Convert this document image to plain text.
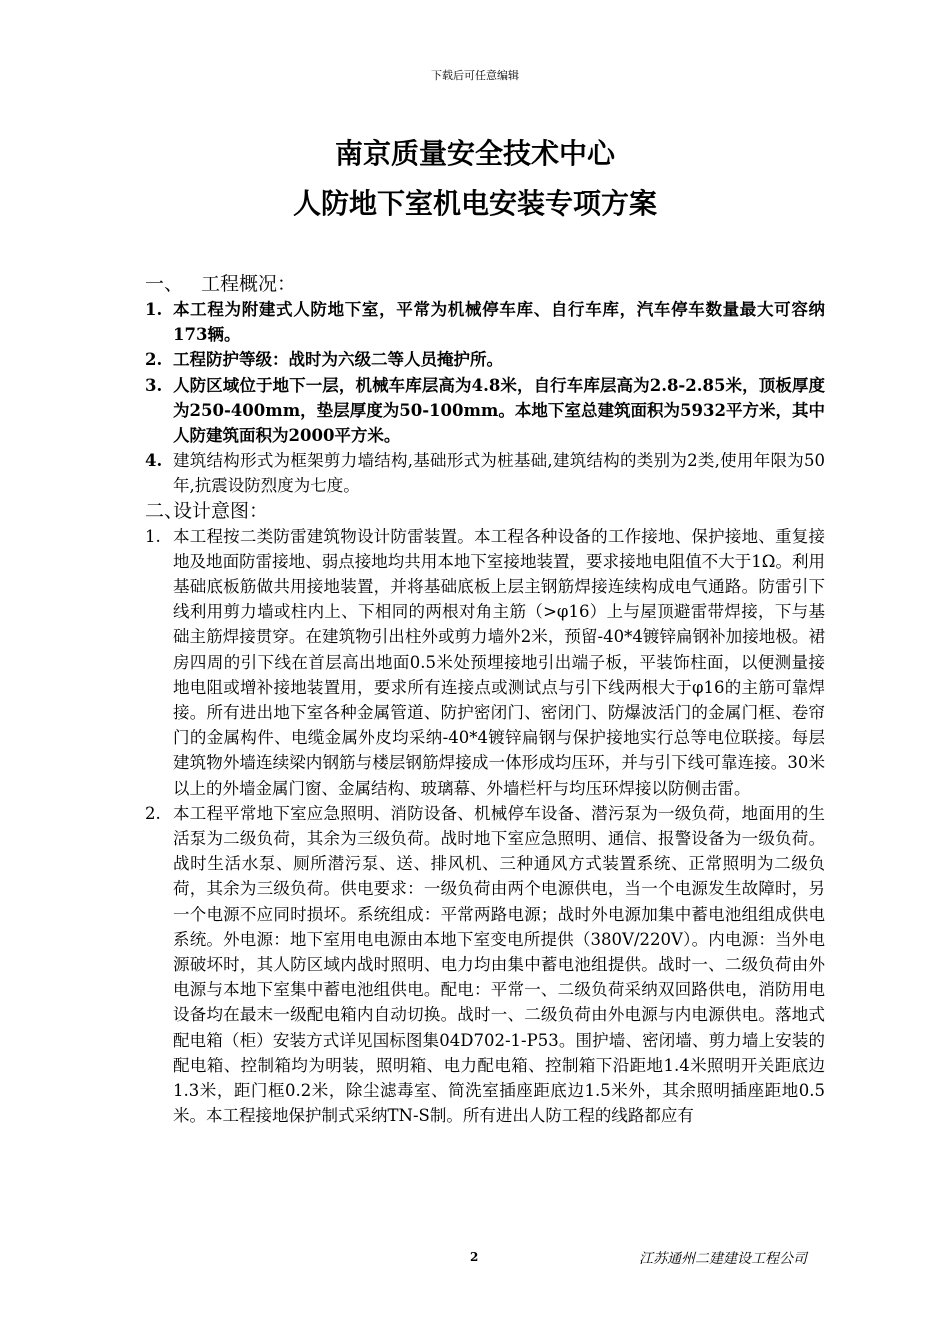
下载后可任意编辑
南京质量安全技术中心
人防地下室机电安装专项方案
一、 工程概况：
1. 本工程为附建式人防地下室，平常为机械停车库、自行车库，汽车停车数量最大可容纳173辆。
2. 工程防护等级：战时为六级二等人员掩护所。
3. 人防区域位于地下一层，机械车库层高为4.8米，自行车库层高为2.8-2.85米，顶板厚度为250-400mm，垫层厚度为50-100mm。本地下室总建筑面积为5932平方米，其中人防建筑面积为2000平方米。
4. 建筑结构形式为框架剪力墙结构,基础形式为桩基础,建筑结构的类别为2类,使用年限为50年,抗震设防烈度为七度。
二、设计意图：
1. 本工程按二类防雷建筑物设计防雷装置。本工程各种设备的工作接地、保护接地、重复接地及地面防雷接地、弱点接地均共用本地下室接地装置，要求接地电阻值不大于1Ω。利用基础底板筋做共用接地装置，并将基础底板上层主钢筋焊接连续构成电气通路。防雷引下线利用剪力墙或柱内上、下相同的两根对角主筋（>φ16）上与屋顶避雷带焊接，下与基础主筋焊接贯穿。在建筑物引出柱外或剪力墙外2米，预留-40*4镀锌扁钢补加接地极。裙房四周的引下线在首层高出地面0.5米处预埋接地引出端子板，平装饰柱面，以便测量接地电阻或增补接地装置用，要求所有连接点或测试点与引下线两根大于φ16的主筋可靠焊接。所有进出地下室各种金属管道、防护密闭门、密闭门、防爆波活门的金属门框、卷帘门的金属构件、电缆金属外皮均采纳-40*4镀锌扁钢与保护接地实行总等电位联接。每层建筑物外墙连续梁内钢筋与楼层钢筋焊接成一体形成均压环，并与引下线可靠连接。30米以上的外墙金属门窗、金属结构、玻璃幕、外墙栏杆与均压环焊接以防侧击雷。
2. 本工程平常地下室应急照明、消防设备、机械停车设备、潜污泵为一级负荷，地面用的生活泵为二级负荷，其余为三级负荷。战时地下室应急照明、通信、报警设备为一级负荷。战时生活水泵、厕所潜污泵、送、排风机、三种通风方式装置系统、正常照明为二级负荷，其余为三级负荷。供电要求：一级负荷由两个电源供电，当一个电源发生故障时，另一个电源不应同时损坏。系统组成：平常两路电源；战时外电源加集中蓄电池组组成供电系统。外电源：地下室用电电源由本地下室变电所提供（380V/220V）。内电源：当外电源破坏时，其人防区域内战时照明、电力均由集中蓄电池组提供。战时一、二级负荷由外电源与本地下室集中蓄电池组供电。配电：平常一、二级负荷采纳双回路供电，消防用电设备均在最末一级配电箱内自动切换。战时一、二级负荷由外电源与内电源供电。落地式配电箱（柜）安装方式详见国标图集04D702-1-P53。围护墙、密闭墙、剪力墙上安装的配电箱、控制箱均为明装，照明箱、电力配电箱、控制箱下沿距地1.4米照明开关距底边1.3米，距门框0.2米，除尘滤毒室、简洗室插座距底边1.5米外，其余照明插座距地0.5米。本工程接地保护制式采纳TN-S制。所有进出人防工程的线路都应有
2	江苏通州二建建设工程公司
